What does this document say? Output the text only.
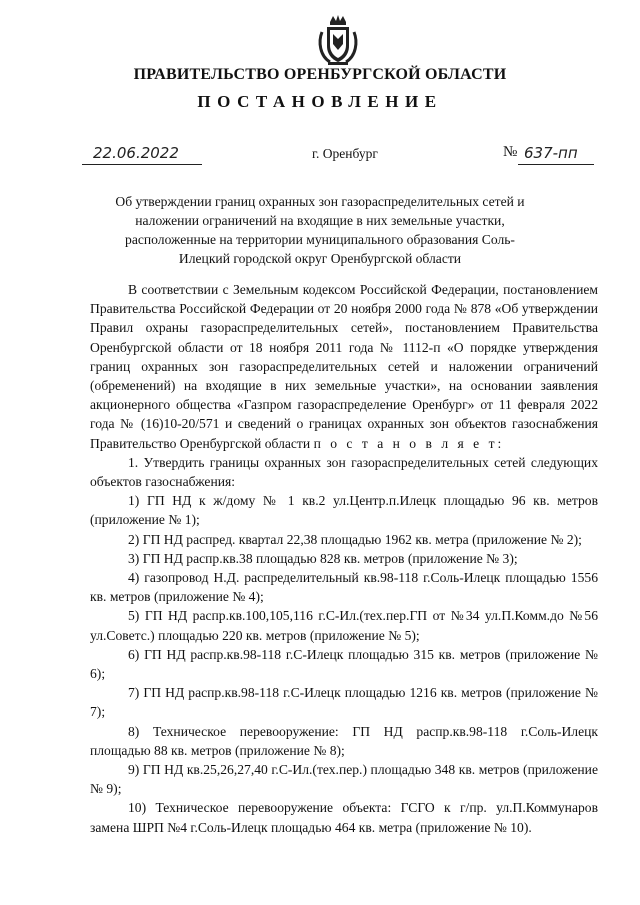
ПРАВИТЕЛЬСТВО ОРЕНБУРГСКОЙ ОБЛАСТИ
ПОСТАНОВЛЕНИЕ
22.06.2022	г. Оренбург	№ 637-пп

Об утверждении границ охранных зон газораспределительных сетей и наложении ограничений на входящие в них земельные участки, расположенные на территории муниципального образования Соль-Илецкий городской округ Оренбургской области

В соответствии с Земельным кодексом Российской Федерации, постановлением Правительства Российской Федерации от 20 ноября 2000 года № 878 «Об утверждении Правил охраны газораспределительных сетей», постановлением Правительства Оренбургской области от 18 ноября 2011 года № 1112-п «О порядке утверждения границ охранных зон газораспределительных сетей и наложении ограничений (обременений) на входящие в них земельные участки», на основании заявления акционерного общества «Газпром газораспределение Оренбург» от 11 февраля 2022 года № (16)10-20/571 и сведений о границах охранных зон объектов газоснабжения Правительство Оренбургской области п о с т а н о в л я е т:

1. Утвердить границы охранных зон газораспределительных сетей следующих объектов газоснабжения:

1) ГП НД к ж/дому № 1 кв.2 ул.Центр.п.Илецк площадью 96 кв. метров (приложение № 1);

2) ГП НД распред. квартал 22,38 площадью 1962 кв. метра (приложение № 2);

3) ГП НД распр.кв.38 площадью 828 кв. метров (приложение № 3);

4) газопровод Н.Д. распределительный кв.98-118 г.Соль-Илецк площадью 1556 кв. метров (приложение № 4);

5) ГП НД распр.кв.100,105,116 г.С-Ил.(тех.пер.ГП от №34 ул.П.Комм.до №56 ул.Советс.) площадью 220 кв. метров (приложение № 5);

6) ГП НД распр.кв.98-118 г.С-Илецк площадью 315 кв. метров (приложение № 6);

7) ГП НД распр.кв.98-118 г.С-Илецк площадью 1216 кв. метров (приложение № 7);

8) Техническое перевооружение: ГП НД распр.кв.98-118 г.Соль-Илецк площадью 88 кв. метров (приложение № 8);

9) ГП НД кв.25,26,27,40 г.С-Ил.(тех.пер.) площадью 348 кв. метров (приложение № 9);

10) Техническое перевооружение объекта: ГСГО к г/пр. ул.П.Коммунаров замена ШРП №4 г.Соль-Илецк площадью 464 кв. метра (приложение № 10).
